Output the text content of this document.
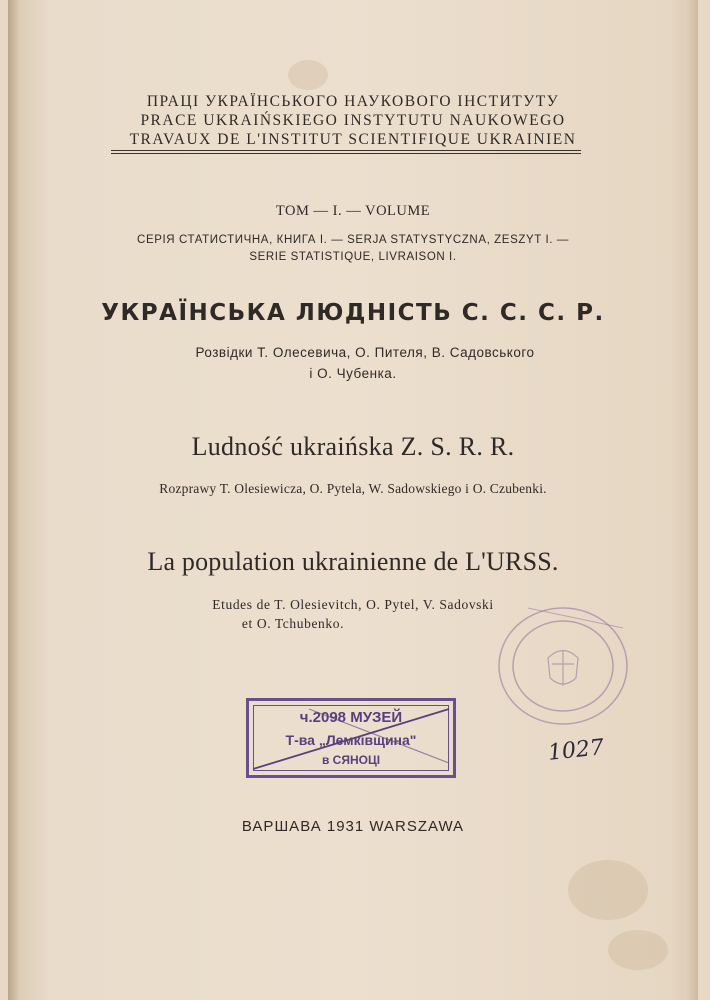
ПРАЦІ УКРАЇНСЬКОГО НАУКОВОГО ІНСТИТУТУ
PRACE UKRAIŃSKIEGO INSTYTUTU NAUKOWEGO
TRAVAUX DE L'INSTITUT SCIENTIFIQUE UKRAINIEN
ТОМ — I. — VOLUME
СЕРІЯ СТАТИСТИЧНА, КНИГА I. — SERJA STATYSTYCZNA, ZESZYT I. —
SERIE STATISTIQUE, LIVRAISON I.
УКРАЇНСЬКА ЛЮДНІСТЬ С. С. С. Р.
Розвідки Т. Олесевича, О. Пителя, В. Садовського
і О. Чубенка.
Ludność ukraińska Z. S. R. R.
Rozprawy T. Olesiewicza, O. Pytela, W. Sadowskiego i O. Czubenki.
La population ukrainienne de L'URSS.
Etudes de T. Olesievitch, O. Pytel, V. Sadovski
et O. Tchubenko.
ч.2098 МУЗЕЙ
Т-ва „Лемківщина"
в СЯНОЦІ	1027
ВАРШАВА 1931 WARSZAWA
